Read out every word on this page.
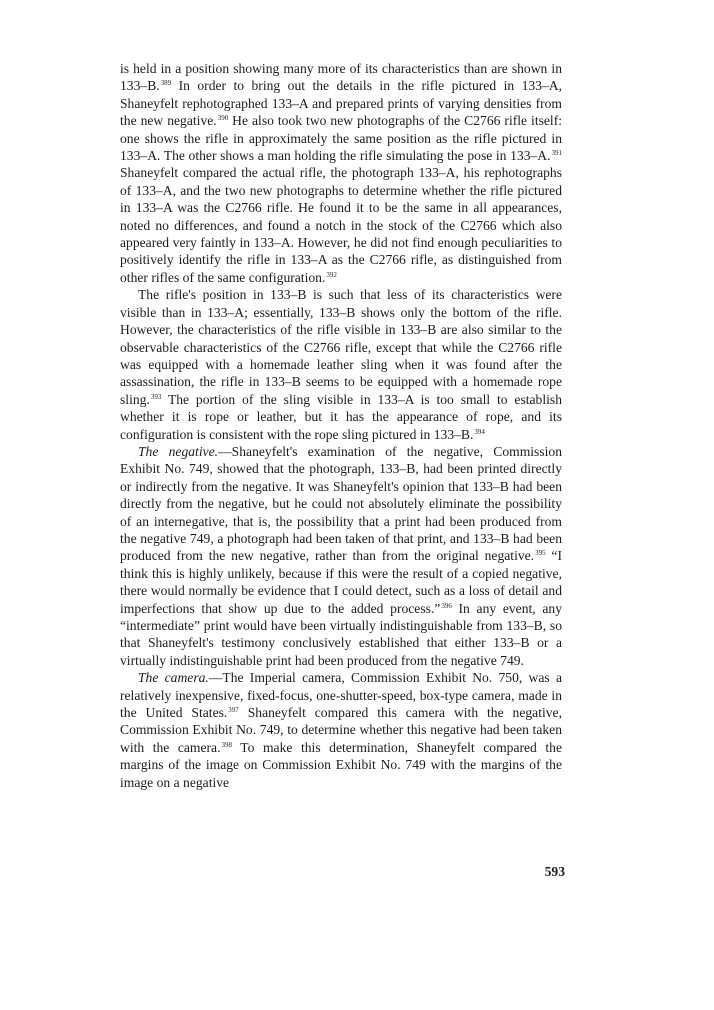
is held in a position showing many more of its characteristics than are shown in 133–B.$^{389}$ In order to bring out the details in the rifle pictured in 133–A, Shaneyfelt rephotographed 133–A and prepared prints of varying densities from the new negative.$^{390}$ He also took two new photographs of the C2766 rifle itself: one shows the rifle in approximately the same position as the rifle pictured in 133–A. The other shows a man holding the rifle simulating the pose in 133–A.$^{391}$ Shaneyfelt compared the actual rifle, the photograph 133–A, his rephotographs of 133–A, and the two new photographs to determine whether the rifle pictured in 133–A was the C2766 rifle. He found it to be the same in all appearances, noted no differences, and found a notch in the stock of the C2766 which also appeared very faintly in 133–A. However, he did not find enough peculiarities to positively identify the rifle in 133–A as the C2766 rifle, as distinguished from other rifles of the same configuration.$^{392}$

The rifle's position in 133–B is such that less of its characteristics were visible than in 133–A; essentially, 133–B shows only the bottom of the rifle. However, the characteristics of the rifle visible in 133–B are also similar to the observable characteristics of the C2766 rifle, except that while the C2766 rifle was equipped with a homemade leather sling when it was found after the assassination, the rifle in 133–B seems to be equipped with a homemade rope sling.$^{393}$ The portion of the sling visible in 133–A is too small to establish whether it is rope or leather, but it has the appearance of rope, and its configuration is consistent with the rope sling pictured in 133–B.$^{394}$

The negative.—Shaneyfelt's examination of the negative, Commission Exhibit No. 749, showed that the photograph, 133–B, had been printed directly or indirectly from the negative. It was Shaneyfelt's opinion that 133–B had been directly from the negative, but he could not absolutely eliminate the possibility of an internegative, that is, the possibility that a print had been produced from the negative 749, a photograph had been taken of that print, and 133–B had been produced from the new negative, rather than from the original negative.$^{395}$ “I think this is highly unlikely, because if this were the result of a copied negative, there would normally be evidence that I could detect, such as a loss of detail and imperfections that show up due to the added process.”$^{396}$ In any event, any “intermediate” print would have been virtually indistinguishable from 133–B, so that Shaneyfelt's testimony conclusively established that either 133–B or a virtually indistinguishable print had been produced from the negative 749.

The camera.—The Imperial camera, Commission Exhibit No. 750, was a relatively inexpensive, fixed-focus, one-shutter-speed, box-type camera, made in the United States.$^{397}$ Shaneyfelt compared this camera with the negative, Commission Exhibit No. 749, to determine whether this negative had been taken with the camera.$^{398}$ To make this determination, Shaneyfelt compared the margins of the image on Commission Exhibit No. 749 with the margins of the image on a negative

593
